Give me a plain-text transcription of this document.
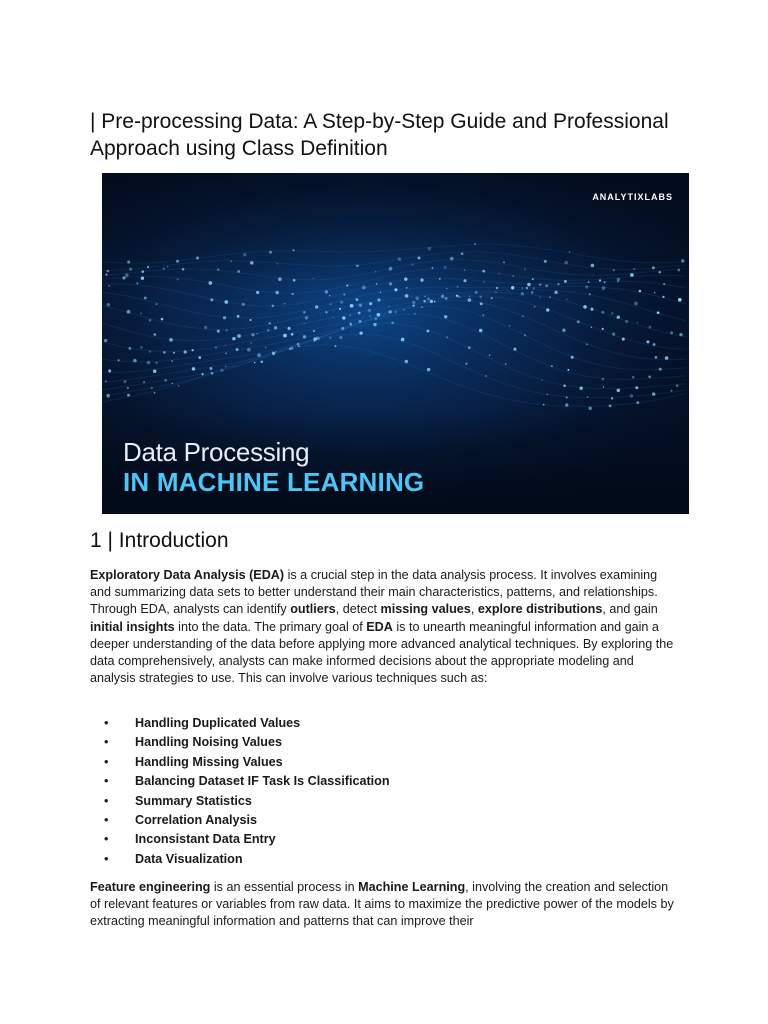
| Pre-processing Data: A Step-by-Step Guide and Professional Approach using Class Definition
ANALYTIXLABS
Data Processing
IN MACHINE LEARNING
1 | Introduction

Exploratory Data Analysis (EDA) is a crucial step in the data analysis process. It involves examining and summarizing data sets to better understand their main characteristics, patterns, and relationships. Through EDA, analysts can identify outliers, detect missing values, explore distributions, and gain initial insights into the data. The primary goal of EDA is to unearth meaningful information and gain a deeper understanding of the data before applying more advanced analytical techniques. By exploring the data comprehensively, analysts can make informed decisions about the appropriate modeling and analysis strategies to use. This can involve various techniques such as:

• Handling Duplicated Values
• Handling Noising Values
• Handling Missing Values
• Balancing Dataset IF Task Is Classification
• Summary Statistics
• Correlation Analysis
• Inconsistant Data Entry
• Data Visualization

Feature engineering is an essential process in Machine Learning, involving the creation and selection of relevant features or variables from raw data. It aims to maximize the predictive power of the models by extracting meaningful information and patterns that can improve their
